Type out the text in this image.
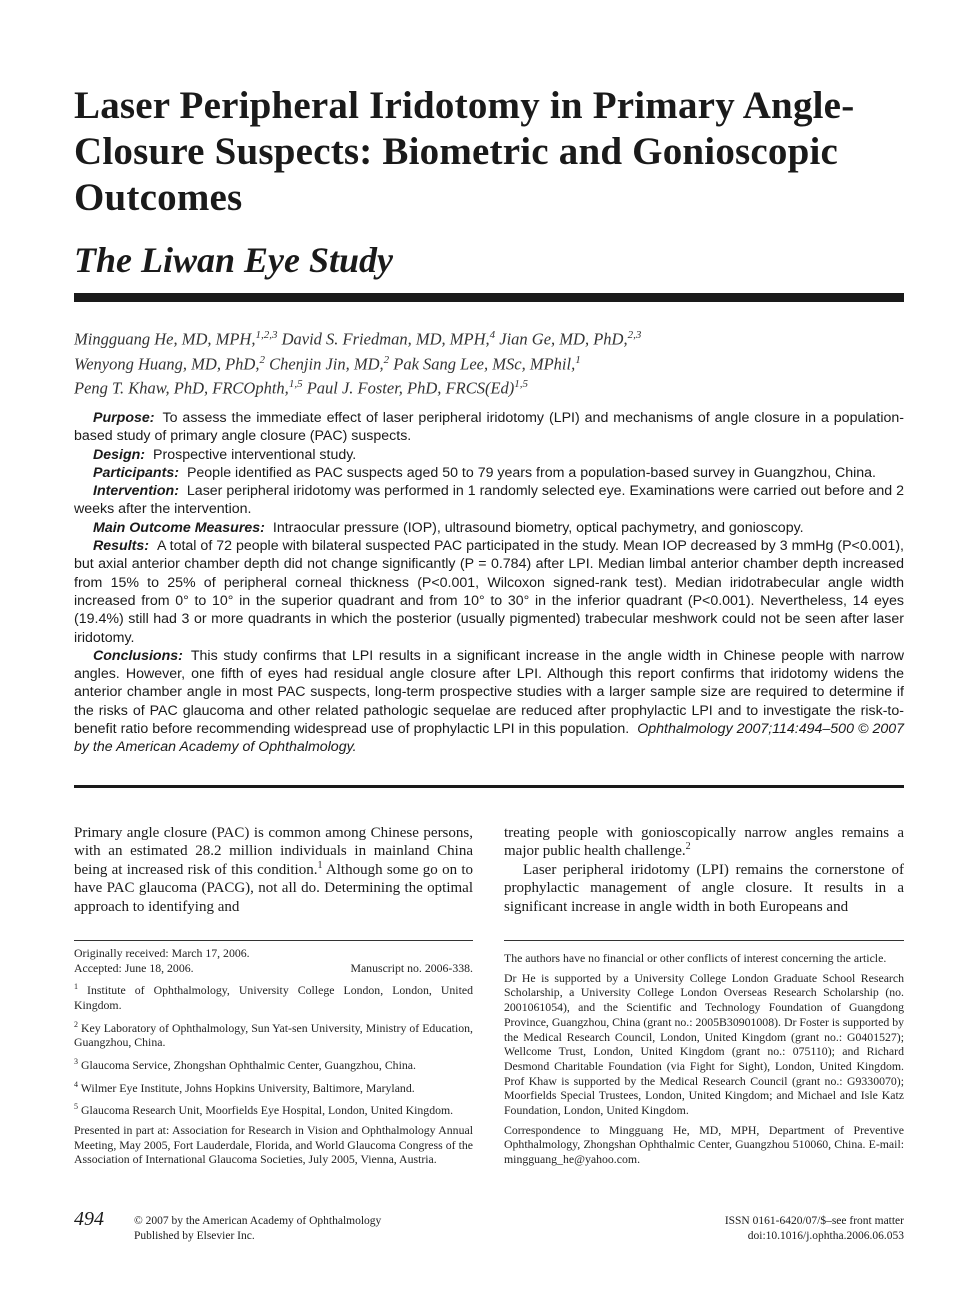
Laser Peripheral Iridotomy in Primary Angle-Closure Suspects: Biometric and Gonioscopic Outcomes
The Liwan Eye Study
Mingguang He, MD, MPH,$^{1,2,3}$ David S. Friedman, MD, MPH,$^4$ Jian Ge, MD, PhD,$^{2,3}$
Wenyong Huang, MD, PhD,$^2$ Chenjin Jin, MD,$^2$ Pak Sang Lee, MSc, MPhil,$^1$
Peng T. Khaw, PhD, FRCOphth,$^{1,5}$ Paul J. Foster, PhD, $FRCS(Ed)^{1,5}$

Purpose: To assess the immediate effect of laser peripheral iridotomy (LPI) and mechanisms of angle closure in a population-based study of primary angle closure (PAC) suspects.

Design: Prospective interventional study.

Participants: People identified as PAC suspects aged 50 to 79 years from a population-based survey in Guangzhou, China.

Intervention: Laser peripheral iridotomy was performed in 1 randomly selected eye. Examinations were carried out before and 2 weeks after the intervention.

Main Outcome Measures: Intraocular pressure (IOP), ultrasound biometry, optical pachymetry, and gonioscopy.

Results: A total of 72 people with bilateral suspected PAC participated in the study. Mean IOP decreased by 3 mmHg (P<0.001), but axial anterior chamber depth did not change significantly (P = 0.784) after LPI. Median limbal anterior chamber depth increased from 15% to 25% of peripheral corneal thickness (P<0.001, Wilcoxon signed-rank test). Median iridotrabecular angle width increased from 0° to 10° in the superior quadrant and from 10° to 30° in the inferior quadrant (P<0.001). Nevertheless, 14 eyes (19.4%) still had 3 or more quadrants in which the posterior (usually pigmented) trabecular meshwork could not be seen after laser iridotomy.

Conclusions: This study confirms that LPI results in a significant increase in the angle width in Chinese people with narrow angles. However, one fifth of eyes had residual angle closure after LPI. Although this report confirms that iridotomy widens the anterior chamber angle in most PAC suspects, long-term prospective studies with a larger sample size are required to determine if the risks of PAC glaucoma and other related pathologic sequelae are reduced after prophylactic LPI and to investigate the risk-to-benefit ratio before recommending widespread use of prophylactic LPI in this population. Ophthalmology 2007;114:494–500 © 2007 by the American Academy of Ophthalmology.

Primary angle closure (PAC) is common among Chinese persons, with an estimated 28.2 million individuals in mainland China being at increased risk of this condition.$^1$ Although some go on to have PAC glaucoma (PACG), not all do. Determining the optimal approach to identifying and

treating people with gonioscopically narrow angles remains a major public health challenge.$^2$

Laser peripheral iridotomy (LPI) remains the cornerstone of prophylactic management of angle closure. It results in a significant increase in angle width in both Europeans and

Originally received: March 17, 2006.

Accepted: June 18, 2006.	Manuscript no. 2006-338.

$^1$ Institute of Ophthalmology, University College London, London, United Kingdom.

$^2$ Key Laboratory of Ophthalmology, Sun Yat-sen University, Ministry of Education, Guangzhou, China.

$^3$ Glaucoma Service, Zhongshan Ophthalmic Center, Guangzhou, China.

$^4$ Wilmer Eye Institute, Johns Hopkins University, Baltimore, Maryland.

$^5$ Glaucoma Research Unit, Moorfields Eye Hospital, London, United Kingdom.

Presented in part at: Association for Research in Vision and Ophthalmology Annual Meeting, May 2005, Fort Lauderdale, Florida, and World Glaucoma Congress of the Association of International Glaucoma Societies, July 2005, Vienna, Austria.

The authors have no financial or other conflicts of interest concerning the article.

Dr He is supported by a University College London Graduate School Research Scholarship, a University College London Overseas Research Scholarship (no. 2001061054), and the Scientific and Technology Foundation of Guangdong Province, Guangzhou, China (grant no.: 2005B30901008). Dr Foster is supported by the Medical Research Council, London, United Kingdom (grant no.: G0401527); Wellcome Trust, London, United Kingdom (grant no.: 075110); and Richard Desmond Charitable Foundation (via Fight for Sight), London, United Kingdom. Prof Khaw is supported by the Medical Research Council (grant no.: G9330070); Moorfields Special Trustees, London, United Kingdom; and Michael and Isle Katz Foundation, London, United Kingdom.

Correspondence to Mingguang He, MD, MPH, Department of Preventive Ophthalmology, Zhongshan Ophthalmic Center, Guangzhou 510060, China. E-mail: mingguang_he@yahoo.com.

494	© 2007 by the American Academy of Ophthalmology
Published by Elsevier Inc.
ISSN 0161-6420/07/$–see front matter
doi:10.1016/j.ophtha.2006.06.053
